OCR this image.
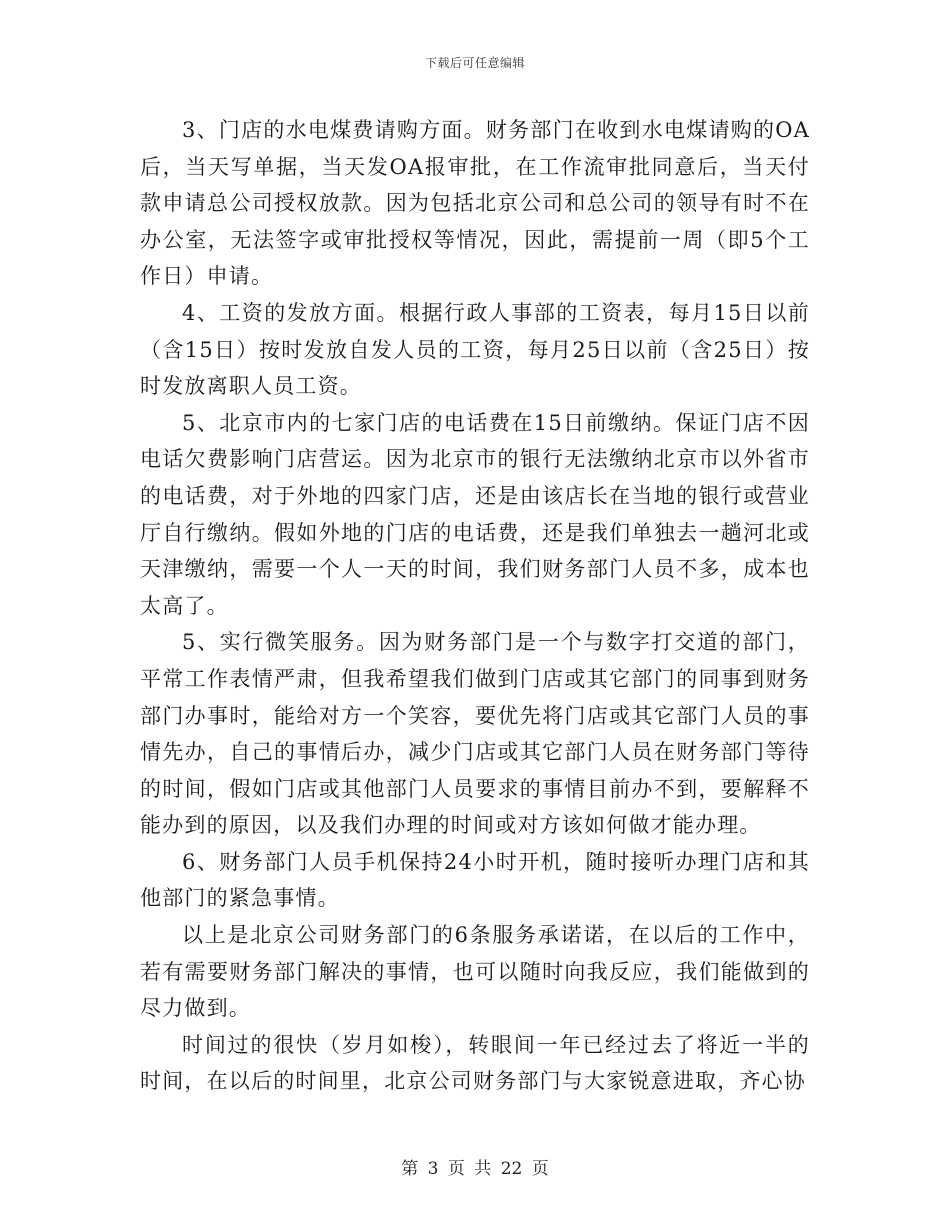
下载后可任意编辑

3、门店的水电煤费请购方面。财务部门在收到水电煤请购的OA后，当天写单据，当天发OA报审批，在工作流审批同意后，当天付款申请总公司授权放款。因为包括北京公司和总公司的领导有时不在办公室，无法签字或审批授权等情况，因此，需提前一周（即5个工作日）申请。

4、工资的发放方面。根据行政人事部的工资表，每月15日以前（含15日）按时发放自发人员的工资，每月25日以前（含25日）按时发放离职人员工资。

5、北京市内的七家门店的电话费在15日前缴纳。保证门店不因电话欠费影响门店营运。因为北京市的银行无法缴纳北京市以外省市的电话费，对于外地的四家门店，还是由该店长在当地的银行或营业厅自行缴纳。假如外地的门店的电话费，还是我们单独去一趟河北或天津缴纳，需要一个人一天的时间，我们财务部门人员不多，成本也太高了。

5、实行微笑服务。因为财务部门是一个与数字打交道的部门，平常工作表情严肃，但我希望我们做到门店或其它部门的同事到财务部门办事时，能给对方一个笑容，要优先将门店或其它部门人员的事情先办，自己的事情后办，减少门店或其它部门人员在财务部门等待的时间，假如门店或其他部门人员要求的事情目前办不到，要解释不能办到的原因，以及我们办理的时间或对方该如何做才能办理。

6、财务部门人员手机保持24小时开机，随时接听办理门店和其他部门的紧急事情。

以上是北京公司财务部门的6条服务承诺诺，在以后的工作中，若有需要财务部门解决的事情，也可以随时向我反应，我们能做到的尽力做到。

时间过的很快（岁月如梭），转眼间一年已经过去了将近一半的时间，在以后的时间里，北京公司财务部门与大家锐意进取，齐心协

第 3 页 共 22 页
